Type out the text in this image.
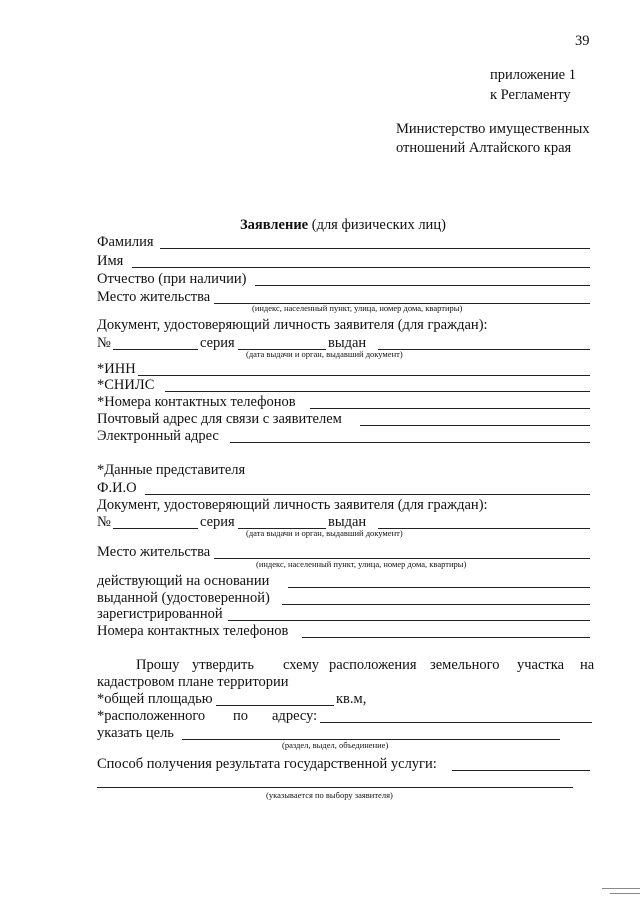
39
приложение 1
к Регламенту
Министерство имущественных
отношений Алтайского края
Заявление (для физических лиц)
Фамилия
Имя
Отчество (при наличии)
Место жительства
(индекс, населенный пункт, улица, номер дома, квартиры)
Документ, удостоверяющий личность заявителя (для граждан):
№	серия	выдан
(дата выдачи и орган, выдавший документ)
*ИНН
*СНИЛС
*Номера контактных телефонов
Почтовый адрес для связи с заявителем
Электронный адрес
*Данные представителя
Ф.И.О
Документ, удостоверяющий личность заявителя (для граждан):
№	серия	выдан
(дата выдачи и орган, выдавший документ)
Место жительства
(индекс, населенный пункт, улица, номер дома, квартиры)
действующий на основании
выданной (удостоверенной)
зарегистрированной
Номера контактных телефонов
Прошу утвердить схему расположения земельного участка на
кадастровом плане территории
*общей площадью	кв.м,
*расположенного по адресу:
указать цель
(раздел, выдел, объединение)
Способ получения результата государственной услуги:
(указывается по выбору заявителя)
